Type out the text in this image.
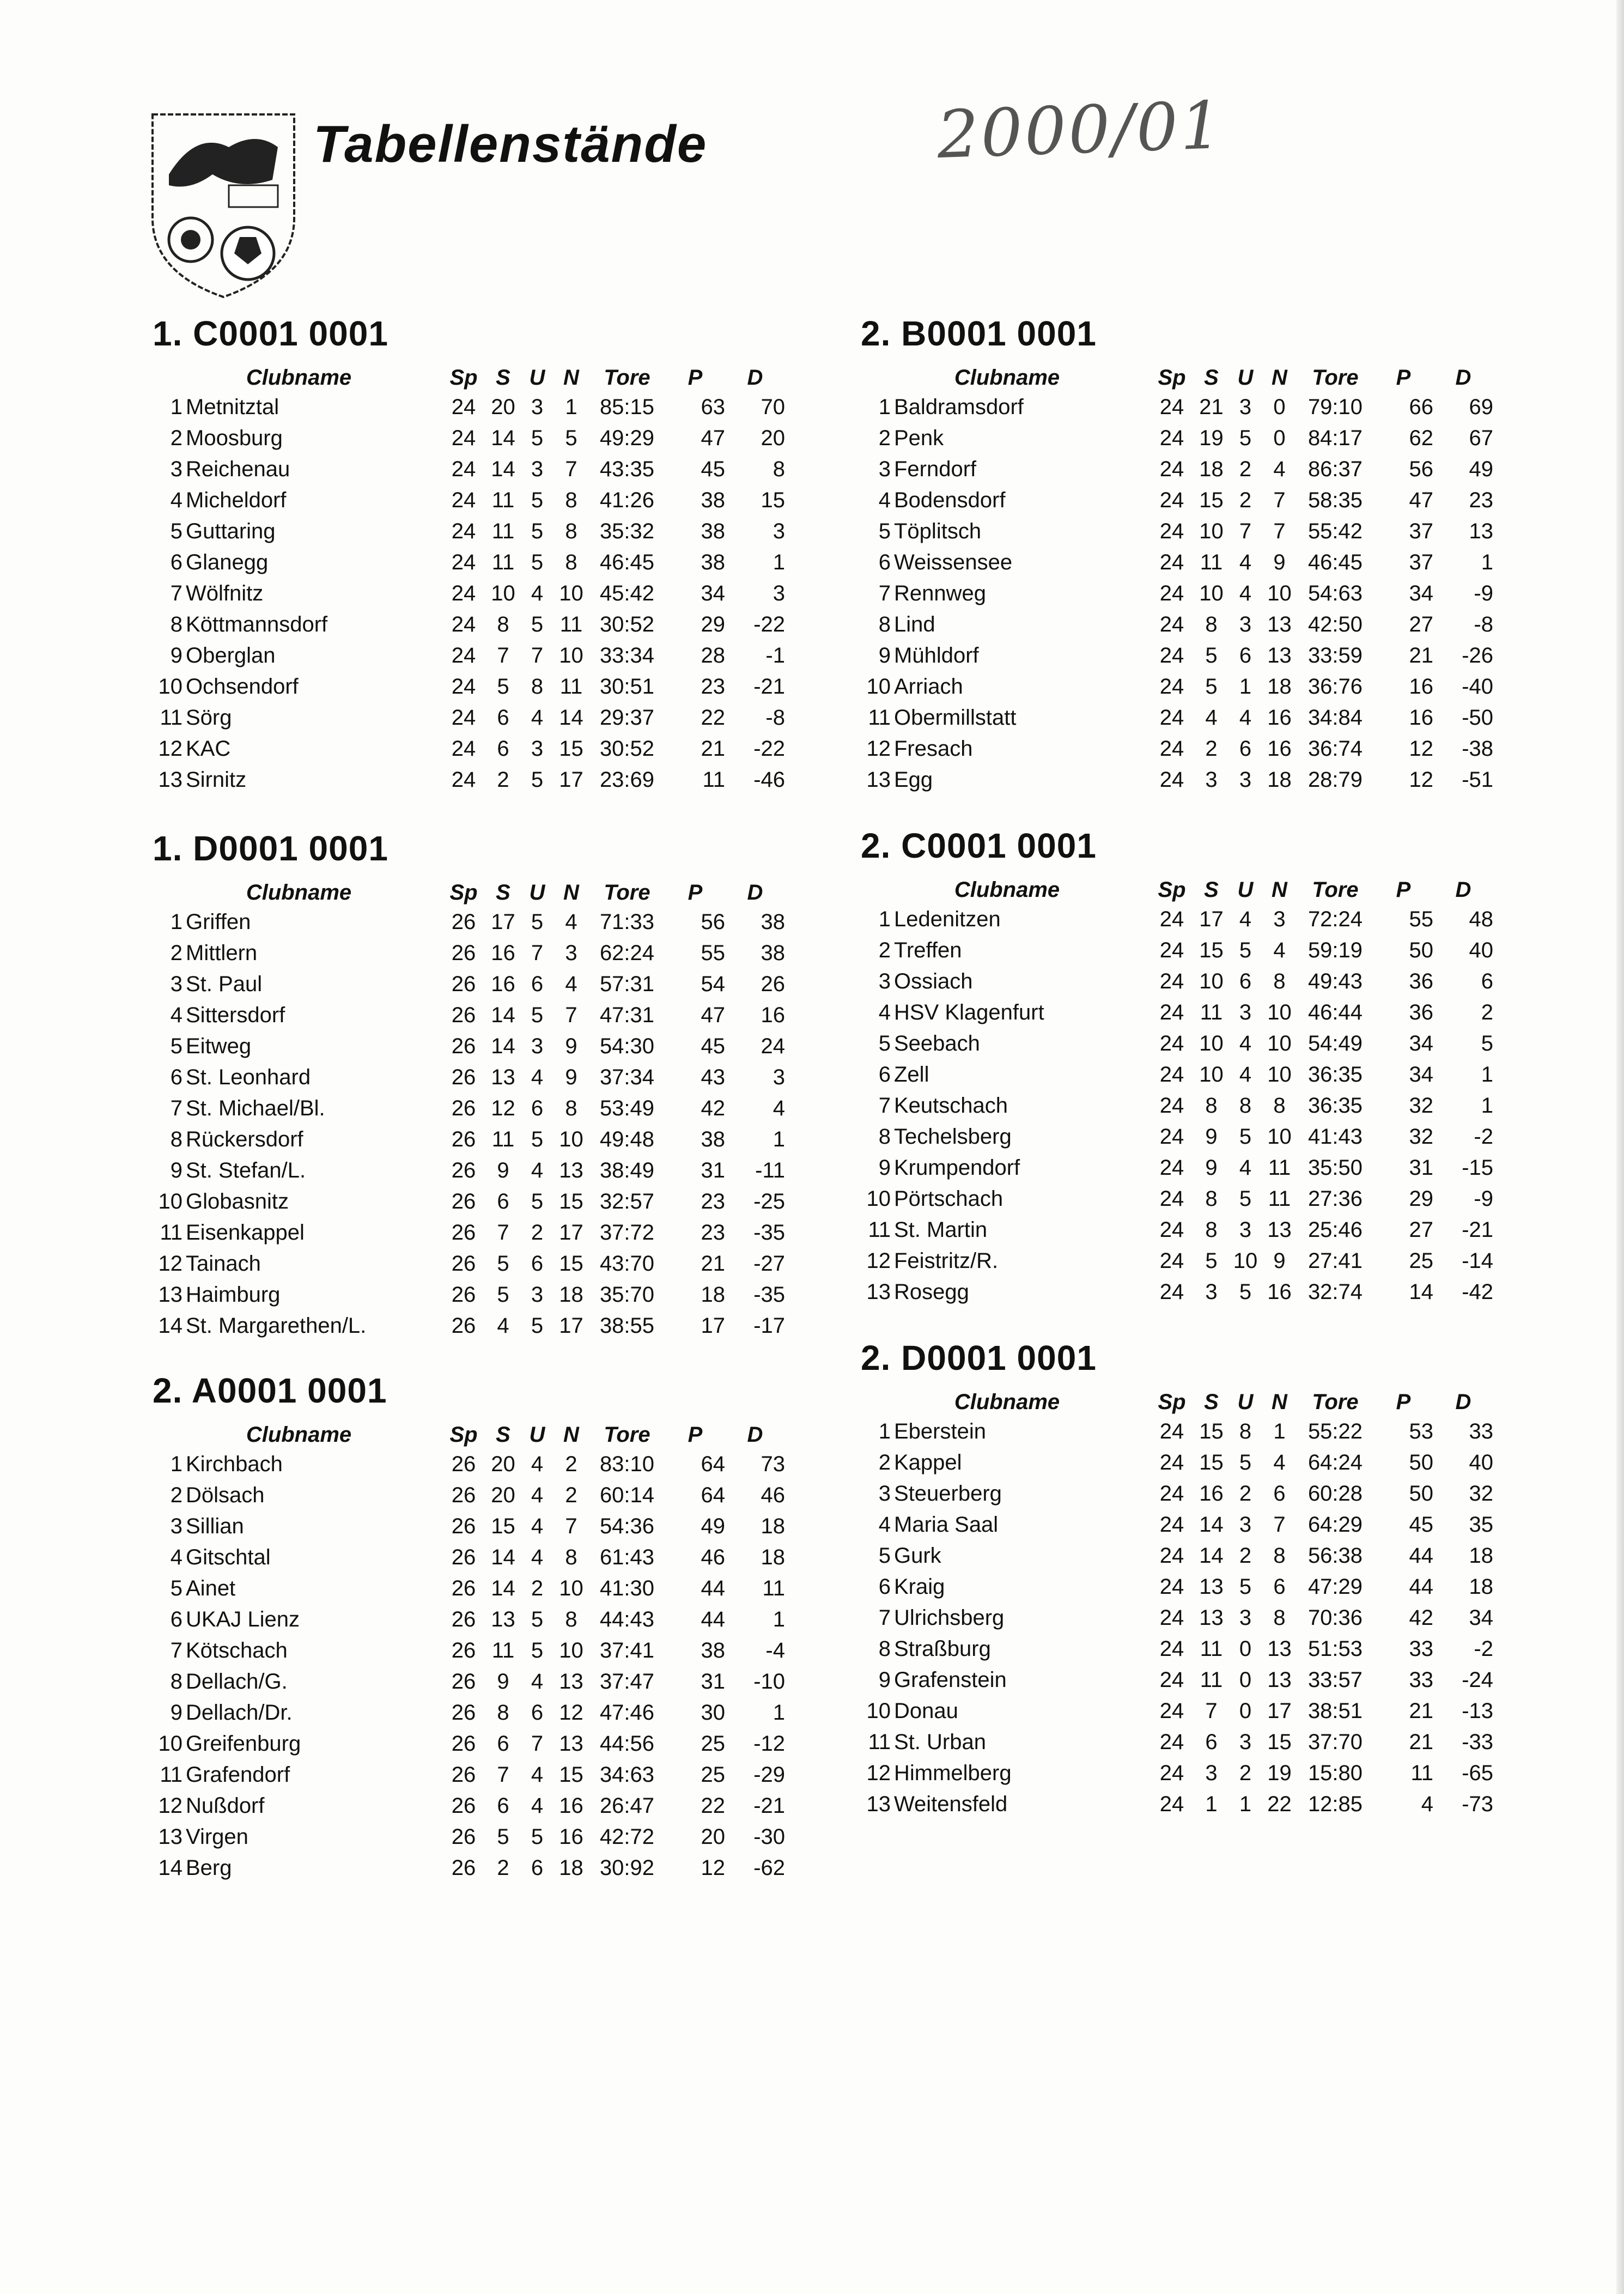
Tabellenstände	2000/01
1. C0001 0001
Clubname		Sp	S	U	N	Tore	P	D
1	Metnitztal	24	20	3	1	85:15	63	70
2	Moosburg	24	14	5	5	49:29	47	20
3	Reichenau	24	14	3	7	43:35	45	8
4	Micheldorf	24	11	5	8	41:26	38	15
5	Guttaring	24	11	5	8	35:32	38	3
6	Glanegg	24	11	5	8	46:45	38	1
7	Wölfnitz	24	10	4	10	45:42	34	3
8	Köttmannsdorf	24	8	5	11	30:52	29	-22
9	Oberglan	24	7	7	10	33:34	28	-1
10	Ochsendorf	24	5	8	11	30:51	23	-21
11	Sörg	24	6	4	14	29:37	22	-8
12	KAC	24	6	3	15	30:52	21	-22
13	Sirnitz	24	2	5	17	23:69	11	-46
1. D0001 0001
Clubname		Sp	S	U	N	Tore	P	D
1	Griffen	26	17	5	4	71:33	56	38
2	Mittlern	26	16	7	3	62:24	55	38
3	St. Paul	26	16	6	4	57:31	54	26
4	Sittersdorf	26	14	5	7	47:31	47	16
5	Eitweg	26	14	3	9	54:30	45	24
6	St. Leonhard	26	13	4	9	37:34	43	3
7	St. Michael/Bl.	26	12	6	8	53:49	42	4
8	Rückersdorf	26	11	5	10	49:48	38	1
9	St. Stefan/L.	26	9	4	13	38:49	31	-11
10	Globasnitz	26	6	5	15	32:57	23	-25
11	Eisenkappel	26	7	2	17	37:72	23	-35
12	Tainach	26	5	6	15	43:70	21	-27
13	Haimburg	26	5	3	18	35:70	18	-35
14	St. Margarethen/L.	26	4	5	17	38:55	17	-17
2. A0001 0001
Clubname		Sp	S	U	N	Tore	P	D
1	Kirchbach	26	20	4	2	83:10	64	73
2	Dölsach	26	20	4	2	60:14	64	46
3	Sillian	26	15	4	7	54:36	49	18
4	Gitschtal	26	14	4	8	61:43	46	18
5	Ainet	26	14	2	10	41:30	44	11
6	UKAJ Lienz	26	13	5	8	44:43	44	1
7	Kötschach	26	11	5	10	37:41	38	-4
8	Dellach/G.	26	9	4	13	37:47	31	-10
9	Dellach/Dr.	26	8	6	12	47:46	30	1
10	Greifenburg	26	6	7	13	44:56	25	-12
11	Grafendorf	26	7	4	15	34:63	25	-29
12	Nußdorf	26	6	4	16	26:47	22	-21
13	Virgen	26	5	5	16	42:72	20	-30
14	Berg	26	2	6	18	30:92	12	-62
2. B0001 0001
Clubname		Sp	S	U	N	Tore	P	D
1	Baldramsdorf	24	21	3	0	79:10	66	69
2	Penk	24	19	5	0	84:17	62	67
3	Ferndorf	24	18	2	4	86:37	56	49
4	Bodensdorf	24	15	2	7	58:35	47	23
5	Töplitsch	24	10	7	7	55:42	37	13
6	Weissensee	24	11	4	9	46:45	37	1
7	Rennweg	24	10	4	10	54:63	34	-9
8	Lind	24	8	3	13	42:50	27	-8
9	Mühldorf	24	5	6	13	33:59	21	-26
10	Arriach	24	5	1	18	36:76	16	-40
11	Obermillstatt	24	4	4	16	34:84	16	-50
12	Fresach	24	2	6	16	36:74	12	-38
13	Egg	24	3	3	18	28:79	12	-51
2. C0001 0001
Clubname		Sp	S	U	N	Tore	P	D
1	Ledenitzen	24	17	4	3	72:24	55	48
2	Treffen	24	15	5	4	59:19	50	40
3	Ossiach	24	10	6	8	49:43	36	6
4	HSV Klagenfurt	24	11	3	10	46:44	36	2
5	Seebach	24	10	4	10	54:49	34	5
6	Zell	24	10	4	10	36:35	34	1
7	Keutschach	24	8	8	8	36:35	32	1
8	Techelsberg	24	9	5	10	41:43	32	-2
9	Krumpendorf	24	9	4	11	35:50	31	-15
10	Pörtschach	24	8	5	11	27:36	29	-9
11	St. Martin	24	8	3	13	25:46	27	-21
12	Feistritz/R.	24	5	10	9	27:41	25	-14
13	Rosegg	24	3	5	16	32:74	14	-42
2. D0001 0001
Clubname		Sp	S	U	N	Tore	P	D
1	Eberstein	24	15	8	1	55:22	53	33
2	Kappel	24	15	5	4	64:24	50	40
3	Steuerberg	24	16	2	6	60:28	50	32
4	Maria Saal	24	14	3	7	64:29	45	35
5	Gurk	24	14	2	8	56:38	44	18
6	Kraig	24	13	5	6	47:29	44	18
7	Ulrichsberg	24	13	3	8	70:36	42	34
8	Straßburg	24	11	0	13	51:53	33	-2
9	Grafenstein	24	11	0	13	33:57	33	-24
10	Donau	24	7	0	17	38:51	21	-13
11	St. Urban	24	6	3	15	37:70	21	-33
12	Himmelberg	24	3	2	19	15:80	11	-65
13	Weitensfeld	24	1	1	22	12:85	4	-73
